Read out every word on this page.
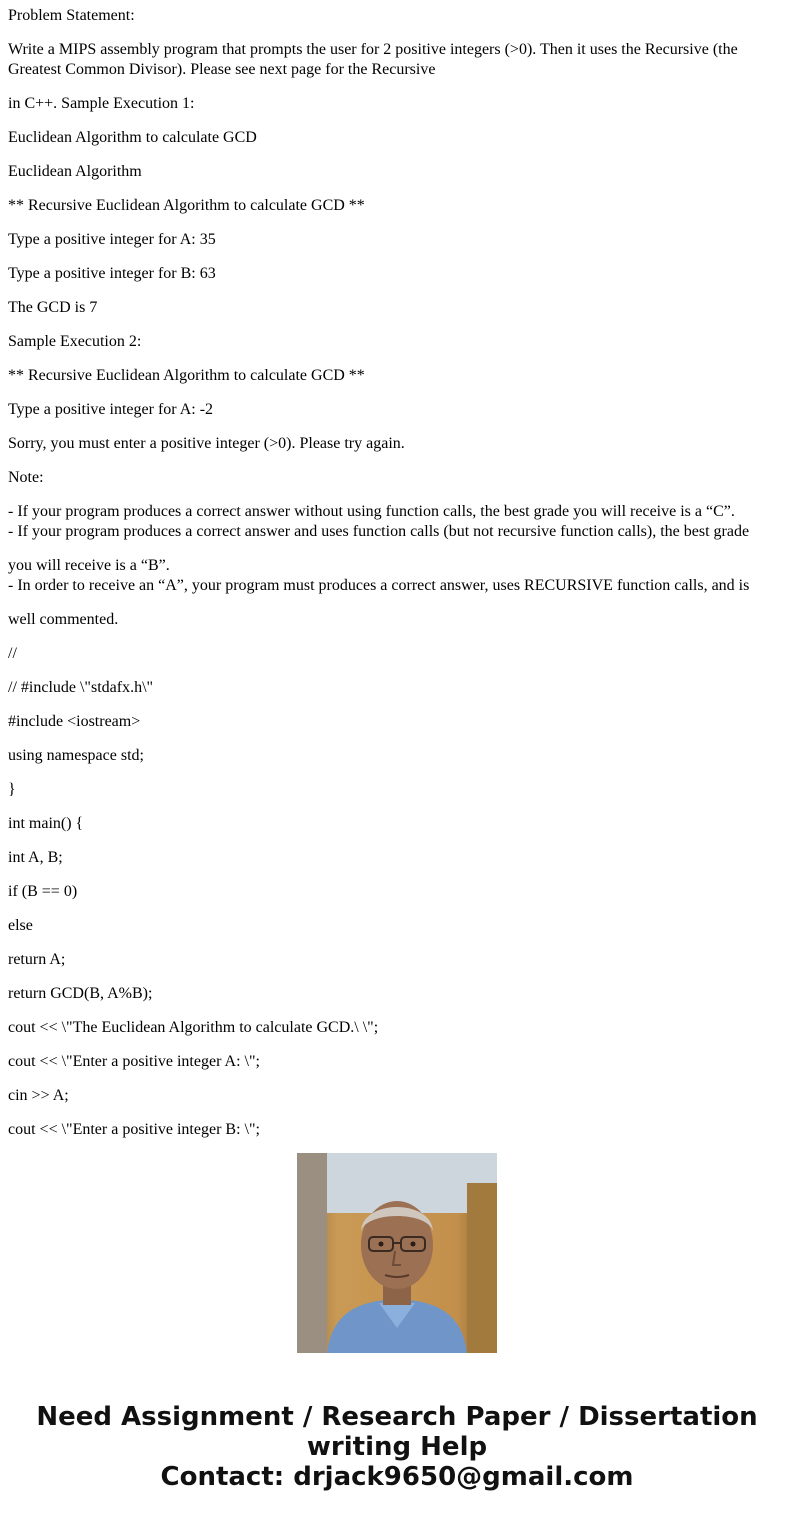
Problem Statement:

Write a MIPS assembly program that prompts the user for 2 positive integers (>0). Then it uses the Recursive (the Greatest Common Divisor). Please see next page for the Recursive

in C++. Sample Execution 1:

Euclidean Algorithm to calculate GCD

Euclidean Algorithm

** Recursive Euclidean Algorithm to calculate GCD **

Type a positive integer for A: 35

Type a positive integer for B: 63

The GCD is 7

Sample Execution 2:

** Recursive Euclidean Algorithm to calculate GCD **

Type a positive integer for A: -2

Sorry, you must enter a positive integer (>0). Please try again.

Note:

- If your program produces a correct answer without using function calls, the best grade you will receive is a “C”.

- If your program produces a correct answer and uses function calls (but not recursive function calls), the best grade

you will receive is a “B”.

- In order to receive an “A”, your program must produces a correct answer, uses RECURSIVE function calls, and is

well commented.

//

// #include \"stdafx.h\"

#include <iostream>

using namespace std;

}

int main() {

int A, B;

if (B == 0)

else

return A;

return GCD(B, A%B);

cout << \"The Euclidean Algorithm to calculate GCD.\ \";

cout << \"Enter a positive integer A: \";

cin >> A;

cout << \"Enter a positive integer B: \";

Need Assignment / Research Paper / Dissertation
writing Help
Contact: drjack9650@gmail.com
